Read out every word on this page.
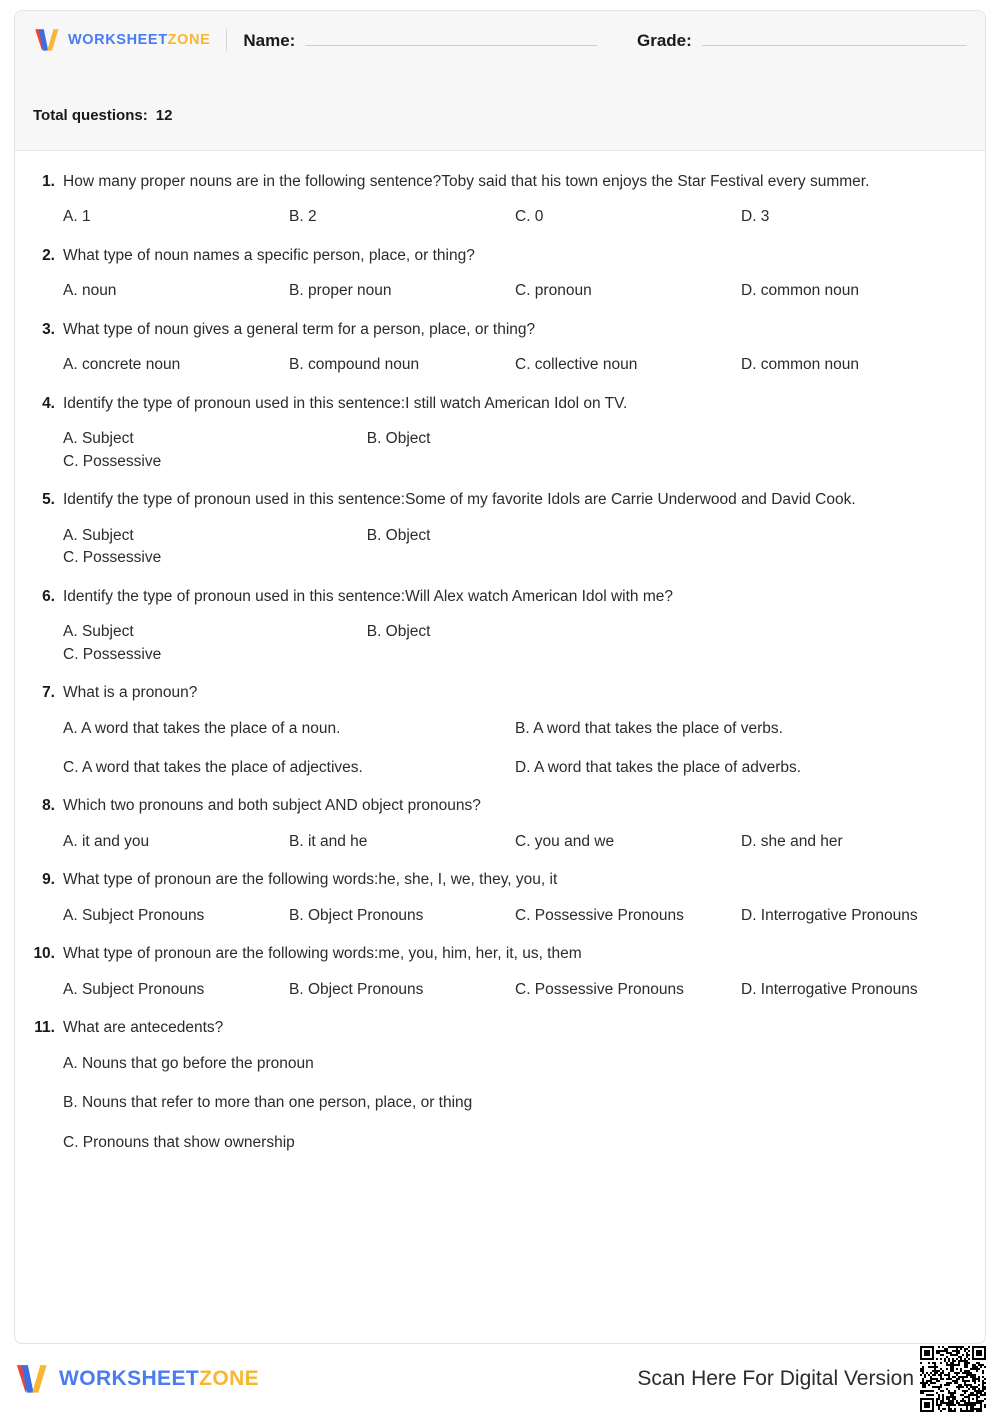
WORKSHEETZONE Name:	Grade:
Total questions: 12
1. How many proper nouns are in the following sentence?Toby said that his town enjoys the Star Festival every summer.
A. 1	B. 2	C. 0	D. 3
2. What type of noun names a specific person, place, or thing?
A. noun	B. proper noun	C. pronoun	D. common noun
3. What type of noun gives a general term for a person, place, or thing?
A. concrete noun	B. compound noun	C. collective noun	D. common noun
4. Identify the type of pronoun used in this sentence:I still watch American Idol on TV.
A. Subject	B. Object
C. Possessive
5. Identify the type of pronoun used in this sentence:Some of my favorite Idols are Carrie Underwood and David Cook.
A. Subject	B. Object
C. Possessive
6. Identify the type of pronoun used in this sentence:Will Alex watch American Idol with me?
A. Subject	B. Object
C. Possessive
7. What is a pronoun?
A. A word that takes the place of a noun.	B. A word that takes the place of verbs.
C. A word that takes the place of adjectives.	D. A word that takes the place of adverbs.
8. Which two pronouns and both subject AND object pronouns?
A. it and you	B. it and he	C. you and we	D. she and her
9. What type of pronoun are the following words:he, she, I, we, they, you, it
A. Subject Pronouns	B. Object Pronouns	C. Possessive Pronouns	D. Interrogative Pronouns
10. What type of pronoun are the following words:me, you, him, her, it, us, them
A. Subject Pronouns	B. Object Pronouns	C. Possessive Pronouns	D. Interrogative Pronouns
11. What are antecedents?
A. Nouns that go before the pronoun
B. Nouns that refer to more than one person, place, or thing
C. Pronouns that show ownership
WORKSHEETZONE	Scan Here For Digital Version
